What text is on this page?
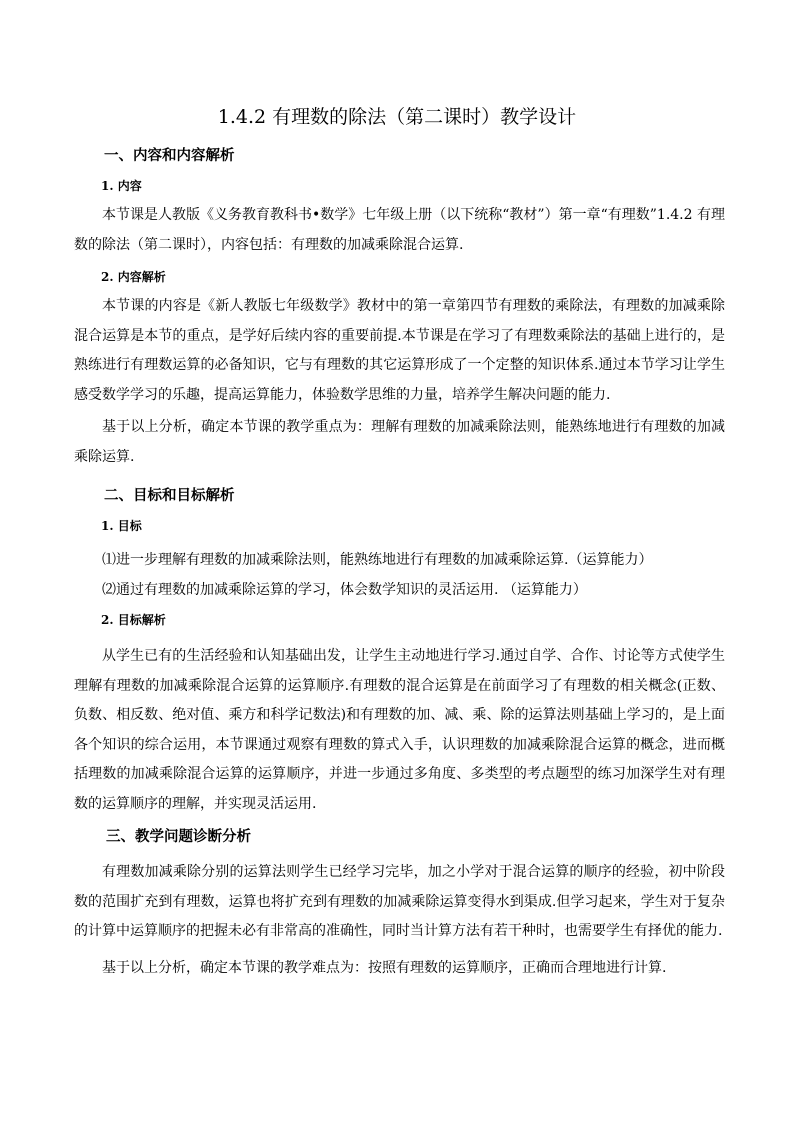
1.4.2 有理数的除法（第二课时）教学设计
一、内容和内容解析
1. 内容
本节课是人教版《义务教育教科书•数学》七年级上册（以下统称“教材”）第一章“有理数”1.4.2 有理数的除法（第二课时），内容包括：有理数的加减乘除混合运算.
2. 内容解析
本节课的内容是《新人教版七年级数学》教材中的第一章第四节有理数的乘除法，有理数的加减乘除混合运算是本节的重点，是学好后续内容的重要前提.本节课是在学习了有理数乘除法的基础上进行的，是熟练进行有理数运算的必备知识，它与有理数的其它运算形成了一个定整的知识体系.通过本节学习让学生感受数学学习的乐趣，提高运算能力，体验数学思维的力量，培养学生解决问题的能力.
基于以上分析，确定本节课的教学重点为：理解有理数的加减乘除法则，能熟练地进行有理数的加减乘除运算.
二、目标和目标解析
1. 目标
⑴进一步理解有理数的加减乘除法则，能熟练地进行有理数的加减乘除运算.（运算能力）
⑵通过有理数的加减乘除运算的学习，体会数学知识的灵活运用. （运算能力）
2. 目标解析
从学生已有的生活经验和认知基础出发，让学生主动地进行学习.通过自学、合作、讨论等方式使学生理解有理数的加减乘除混合运算的运算顺序.有理数的混合运算是在前面学习了有理数的相关概念(正数、负数、相反数、绝对值、乘方和科学记数法)和有理数的加、减、乘、除的运算法则基础上学习的，是上面各个知识的综合运用，本节课通过观察有理数的算式入手，认识理数的加减乘除混合运算的概念，进而概括理数的加减乘除混合运算的运算顺序，并进一步通过多角度、多类型的考点题型的练习加深学生对有理数的运算顺序的理解，并实现灵活运用.
三、教学问题诊断分析
有理数加减乘除分别的运算法则学生已经学习完毕，加之小学对于混合运算的顺序的经验，初中阶段数的范围扩充到有理数，运算也将扩充到有理数的加减乘除运算变得水到渠成.但学习起来，学生对于复杂的计算中运算顺序的把握未必有非常高的准确性，同时当计算方法有若干种时，也需要学生有择优的能力.
基于以上分析，确定本节课的教学难点为：按照有理数的运算顺序，正确而合理地进行计算.
